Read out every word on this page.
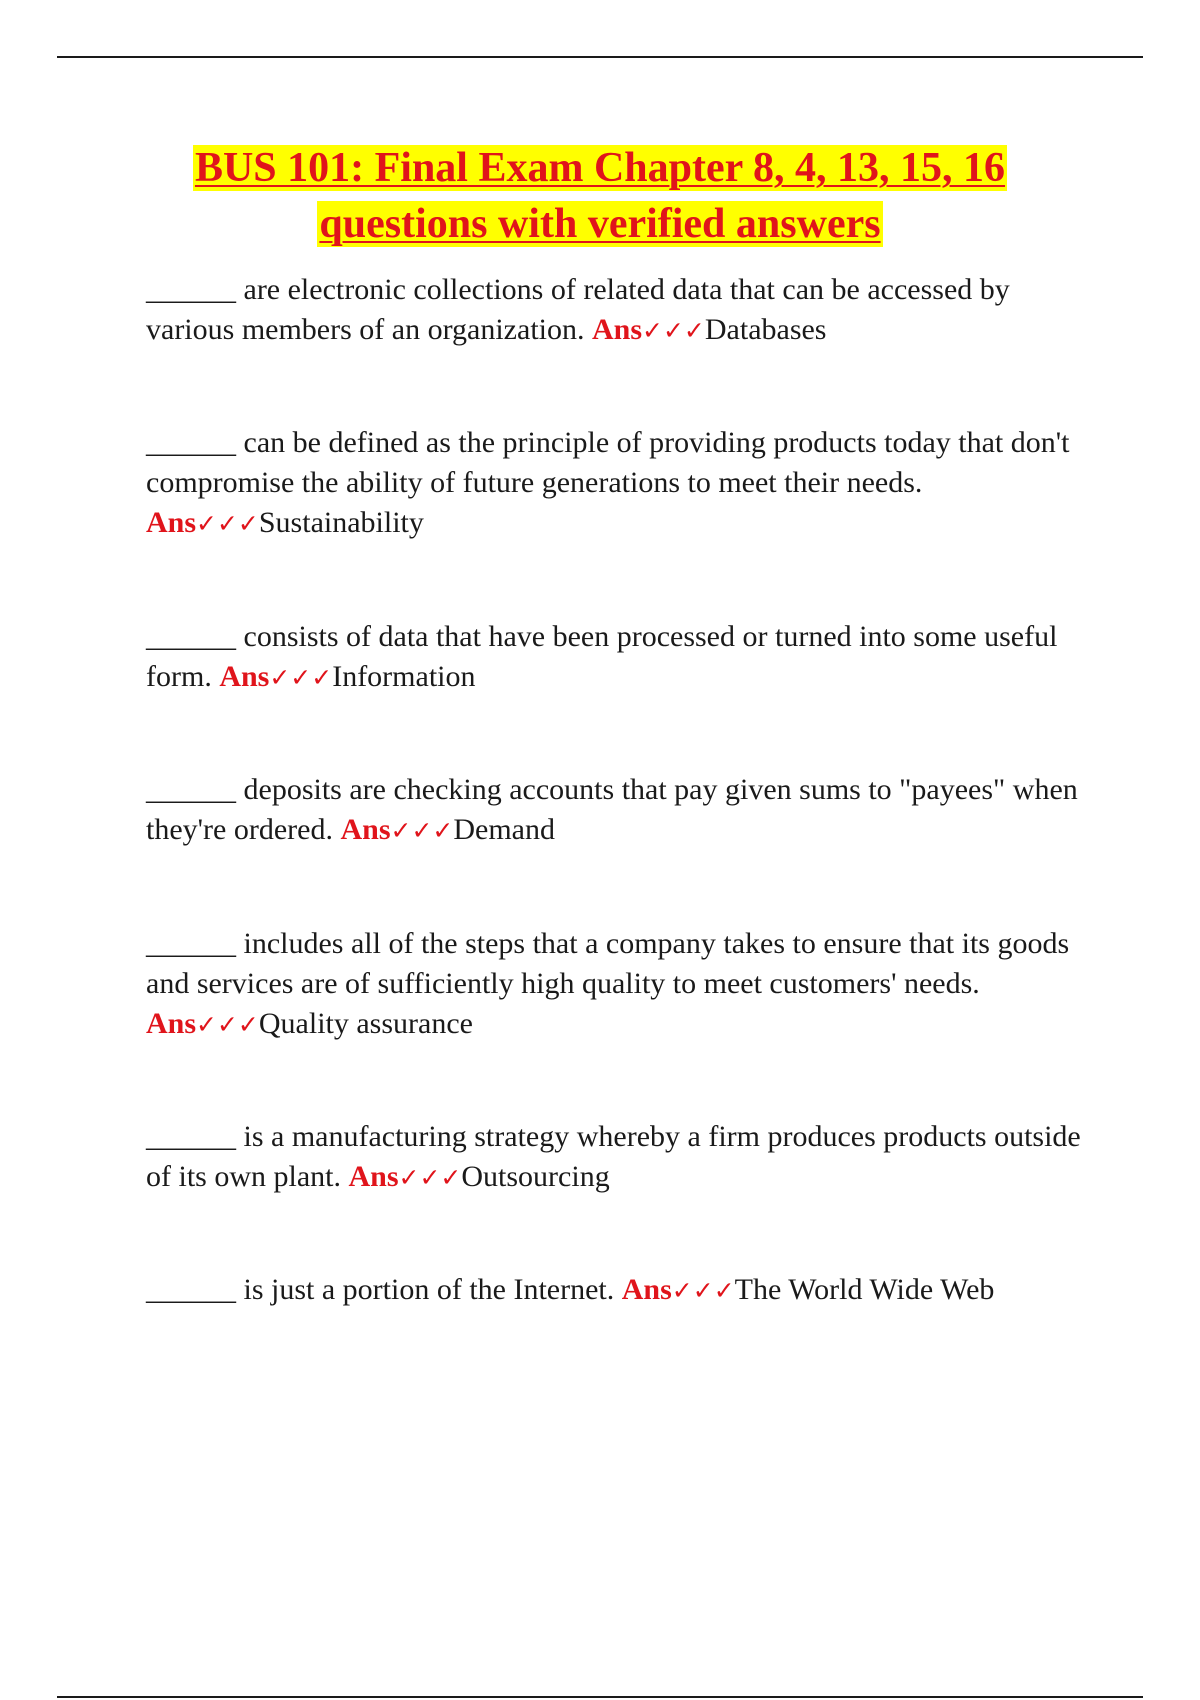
BUS 101: Final Exam Chapter 8, 4, 13, 15, 16
questions with verified answers

______ are electronic collections of related data that can be accessed by various members of an organization. Ans✓✓✓Databases

______ can be defined as the principle of providing products today that don't compromise the ability of future generations to meet their needs. Ans✓✓✓Sustainability

______ consists of data that have been processed or turned into some useful form. Ans✓✓✓Information

______ deposits are checking accounts that pay given sums to "payees" when they're ordered. Ans✓✓✓Demand

______ includes all of the steps that a company takes to ensure that its goods and services are of sufficiently high quality to meet customers' needs. Ans✓✓✓Quality assurance

______ is a manufacturing strategy whereby a firm produces products outside of its own plant. Ans✓✓✓Outsourcing

______ is just a portion of the Internet. Ans✓✓✓The World Wide Web
